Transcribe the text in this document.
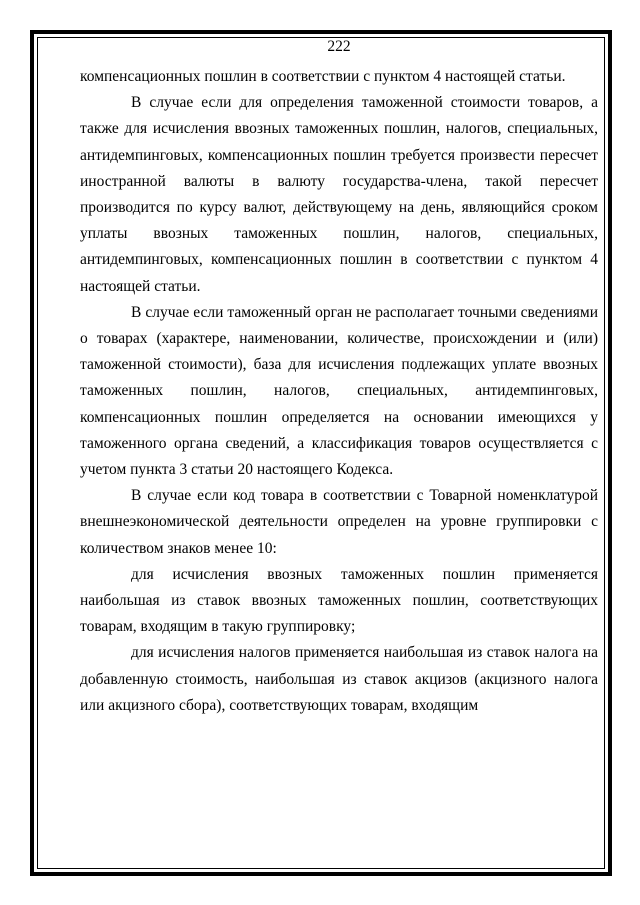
222

компенсационных пошлин в соответствии с пунктом 4 настоящей статьи.

В случае если для определения таможенной стоимости товаров, а также для исчисления ввозных таможенных пошлин, налогов, специальных, антидемпинговых, компенсационных пошлин требуется произвести пересчет иностранной валюты в валюту государства-члена, такой пересчет производится по курсу валют, действующему на день, являющийся сроком уплаты ввозных таможенных пошлин, налогов, специальных, антидемпинговых, компенсационных пошлин в соответствии с пунктом 4 настоящей статьи.

В случае если таможенный орган не располагает точными сведениями о товарах (характере, наименовании, количестве, происхождении и (или) таможенной стоимости), база для исчисления подлежащих уплате ввозных таможенных пошлин, налогов, специальных, антидемпинговых, компенсационных пошлин определяется на основании имеющихся у таможенного органа сведений, а классификация товаров осуществляется с учетом пункта 3 статьи 20 настоящего Кодекса.

В случае если код товара в соответствии с Товарной номенклатурой внешнеэкономической деятельности определен на уровне группировки с количеством знаков менее 10:

для исчисления ввозных таможенных пошлин применяется наибольшая из ставок ввозных таможенных пошлин, соответствующих товарам, входящим в такую группировку;

для исчисления налогов применяется наибольшая из ставок налога на добавленную стоимость, наибольшая из ставок акцизов (акцизного налога или акцизного сбора), соответствующих товарам, входящим
